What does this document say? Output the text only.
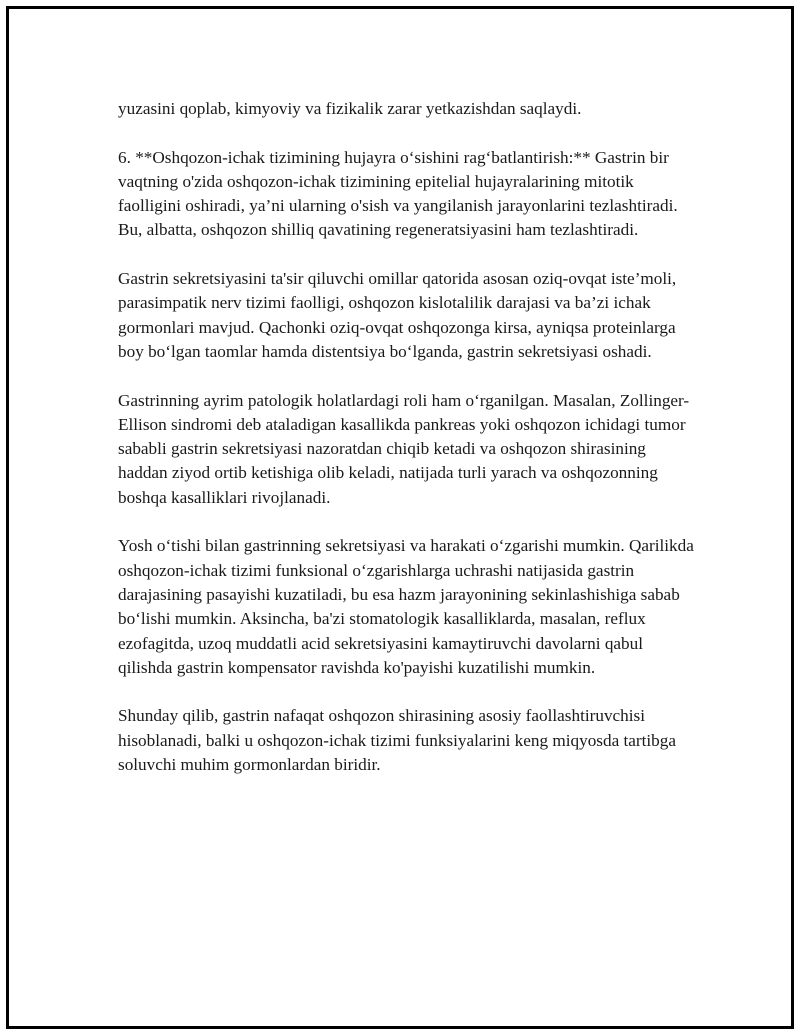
yuzasini qoplab, kimyoviy va fizikalik zarar yetkazishdan saqlaydi.

6. **Oshqozon-ichak tizimining hujayra o‘sishini rag‘batlantirish:** Gastrin bir vaqtning o'zida oshqozon-ichak tizimining epitelial hujayralarining mitotik faolligini oshiradi, ya’ni ularning o'sish va yangilanish jarayonlarini tezlashtiradi. Bu, albatta, oshqozon shilliq qavatining regeneratsiyasini ham tezlashtiradi.

Gastrin sekretsiyasini ta'sir qiluvchi omillar qatorida asosan oziq-ovqat iste’moli, parasimpatik nerv tizimi faolligi, oshqozon kislotalilik darajasi va ba’zi ichak gormonlari mavjud. Qachonki oziq-ovqat oshqozonga kirsa, ayniqsa proteinlarga boy bo‘lgan taomlar hamda distentsiya bo‘lganda, gastrin sekretsiyasi oshadi.

Gastrinning ayrim patologik holatlardagi roli ham o‘rganilgan. Masalan, Zollinger-Ellison sindromi deb ataladigan kasallikda pankreas yoki oshqozon ichidagi tumor sababli gastrin sekretsiyasi nazoratdan chiqib ketadi va oshqozon shirasining haddan ziyod ortib ketishiga olib keladi, natijada turli yarach va oshqozonning boshqa kasalliklari rivojlanadi.

Yosh o‘tishi bilan gastrinning sekretsiyasi va harakati o‘zgarishi mumkin. Qarilikda oshqozon-ichak tizimi funksional o‘zgarishlarga uchrashi natijasida gastrin darajasining pasayishi kuzatiladi, bu esa hazm jarayonining sekinlashishiga sabab bo‘lishi mumkin. Aksincha, ba'zi stomatologik kasalliklarda, masalan, reflux ezofagitda, uzoq muddatli acid sekretsiyasini kamaytiruvchi davolarni qabul qilishda gastrin kompensator ravishda ko'payishi kuzatilishi mumkin.

Shunday qilib, gastrin nafaqat oshqozon shirasining asosiy faollashtiruvchisi hisoblanadi, balki u oshqozon-ichak tizimi funksiyalarini keng miqyosda tartibga soluvchi muhim gormonlardan biridir.
